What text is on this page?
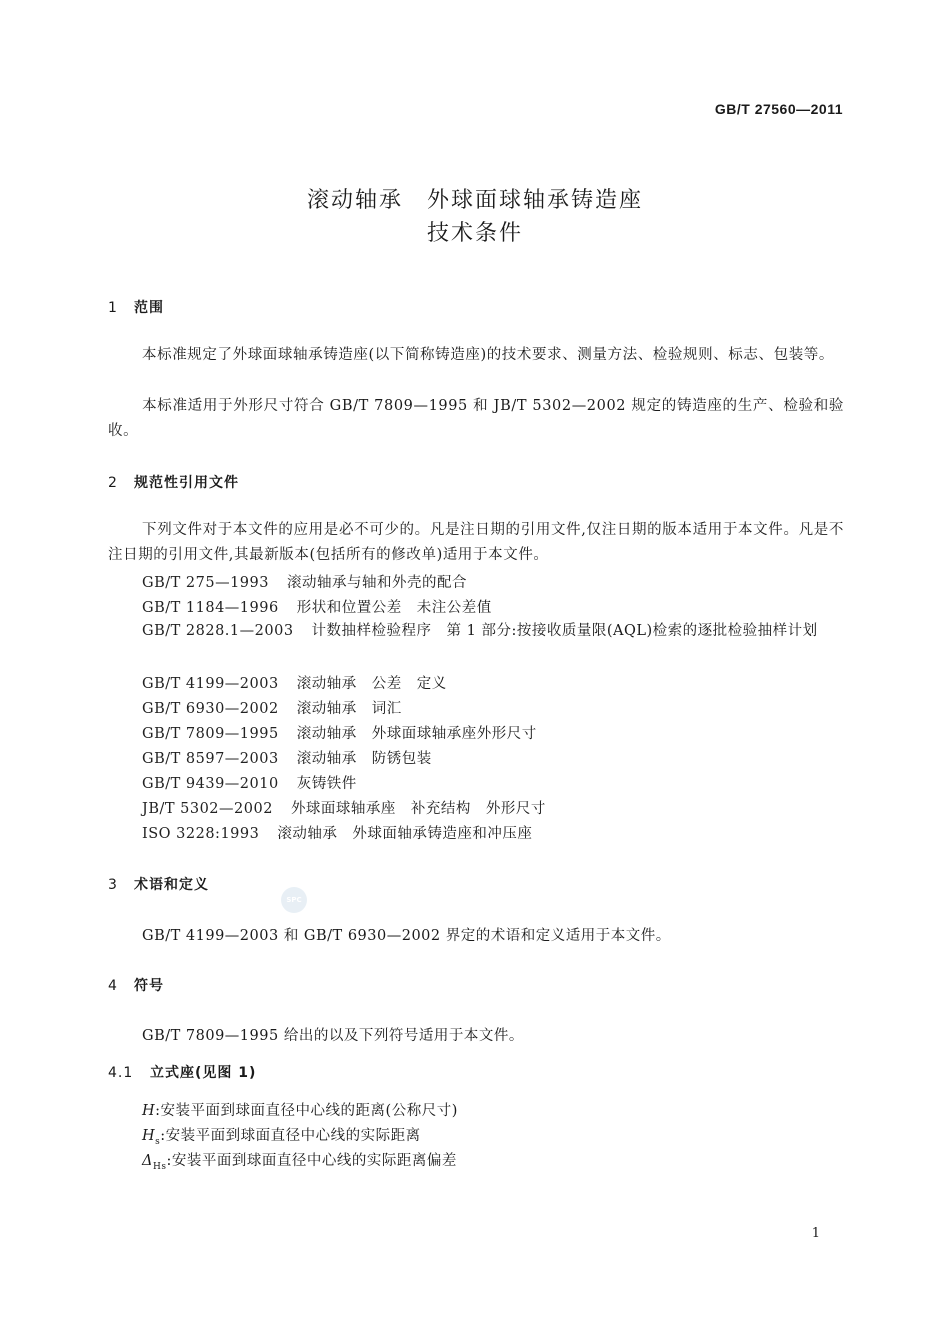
GB/T 27560—2011
滚动轴承　外球面球轴承铸造座
技术条件
1 范围
本标准规定了外球面球轴承铸造座(以下简称铸造座)的技术要求、测量方法、检验规则、标志、包装等。
本标准适用于外形尺寸符合 GB/T 7809—1995 和 JB/T 5302—2002 规定的铸造座的生产、检验和验收。
2 规范性引用文件
下列文件对于本文件的应用是必不可少的。凡是注日期的引用文件,仅注日期的版本适用于本文件。凡是不注日期的引用文件,其最新版本(包括所有的修改单)适用于本文件。
GB/T 275—1993 滚动轴承与轴和外壳的配合
GB/T 1184—1996 形状和位置公差　未注公差值
GB/T 2828.1—2003 计数抽样检验程序　第 1 部分:按接收质量限(AQL)检索的逐批检验抽样计划
GB/T 4199—2003 滚动轴承　公差　定义
GB/T 6930—2002 滚动轴承　词汇
GB/T 7809—1995 滚动轴承　外球面球轴承座外形尺寸
GB/T 8597—2003 滚动轴承　防锈包装
GB/T 9439—2010 灰铸铁件
JB/T 5302—2002 外球面球轴承座　补充结构　外形尺寸
ISO 3228:1993 滚动轴承　外球面轴承铸造座和冲压座
3 术语和定义
SPC
GB/T 4199—2003 和 GB/T 6930—2002 界定的术语和定义适用于本文件。
4 符号
GB/T 7809—1995 给出的以及下列符号适用于本文件。
4.1 立式座(见图 1)
H:安装平面到球面直径中心线的距离(公称尺寸)
$H_s$:安装平面到球面直径中心线的实际距离
$\Delta_{Hs}$:安装平面到球面直径中心线的实际距离偏差
1
